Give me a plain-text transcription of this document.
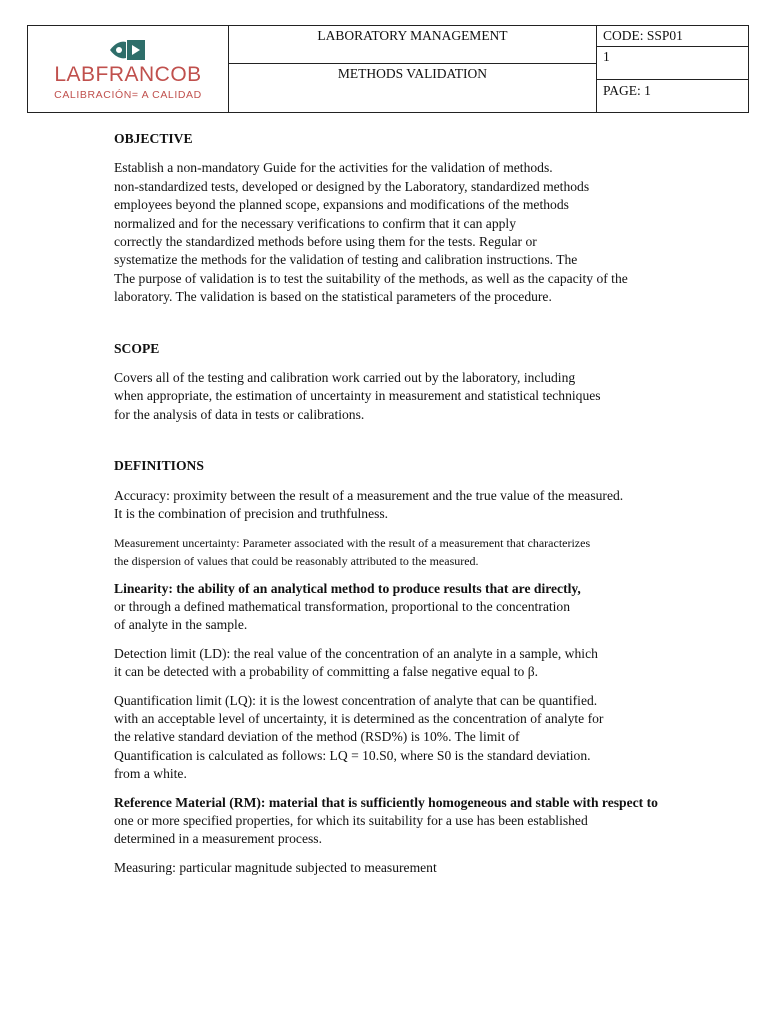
LABFRANCOB
CALIBRACIÓN= A CALIDAD

LABORATORY MANAGEMENT
METHODS VALIDATION

CODE: SSP01
1
PAGE: 1
OBJECTIVE

Establish a non-mandatory Guide for the activities for the validation of methods.
non-standardized tests, developed or designed by the Laboratory, standardized methods
employees beyond the planned scope, expansions and modifications of the methods
normalized and for the necessary verifications to confirm that it can apply
correctly the standardized methods before using them for the tests. Regular or
systematize the methods for the validation of testing and calibration instructions. The
The purpose of validation is to test the suitability of the methods, as well as the capacity of the
laboratory. The validation is based on the statistical parameters of the procedure.

SCOPE

Covers all of the testing and calibration work carried out by the laboratory, including
when appropriate, the estimation of uncertainty in measurement and statistical techniques
for the analysis of data in tests or calibrations.

DEFINITIONS

Accuracy: proximity between the result of a measurement and the true value of the measured.
It is the combination of precision and truthfulness.

Measurement uncertainty: Parameter associated with the result of a measurement that characterizes
the dispersion of values that could be reasonably attributed to the measured.

Linearity: the ability of an analytical method to produce results that are directly,
or through a defined mathematical transformation, proportional to the concentration
of analyte in the sample.

Detection limit (LD): the real value of the concentration of an analyte in a sample, which
it can be detected with a probability of committing a false negative equal to β.

Quantification limit (LQ): it is the lowest concentration of analyte that can be quantified.
with an acceptable level of uncertainty, it is determined as the concentration of analyte for
the relative standard deviation of the method (RSD%) is 10%. The limit of
Quantification is calculated as follows: LQ = 10.S0, where S0 is the standard deviation.
from a white.

Reference Material (RM): material that is sufficiently homogeneous and stable with respect to
one or more specified properties, for which its suitability for a use has been established
determined in a measurement process.

Measuring: particular magnitude subjected to measurement
